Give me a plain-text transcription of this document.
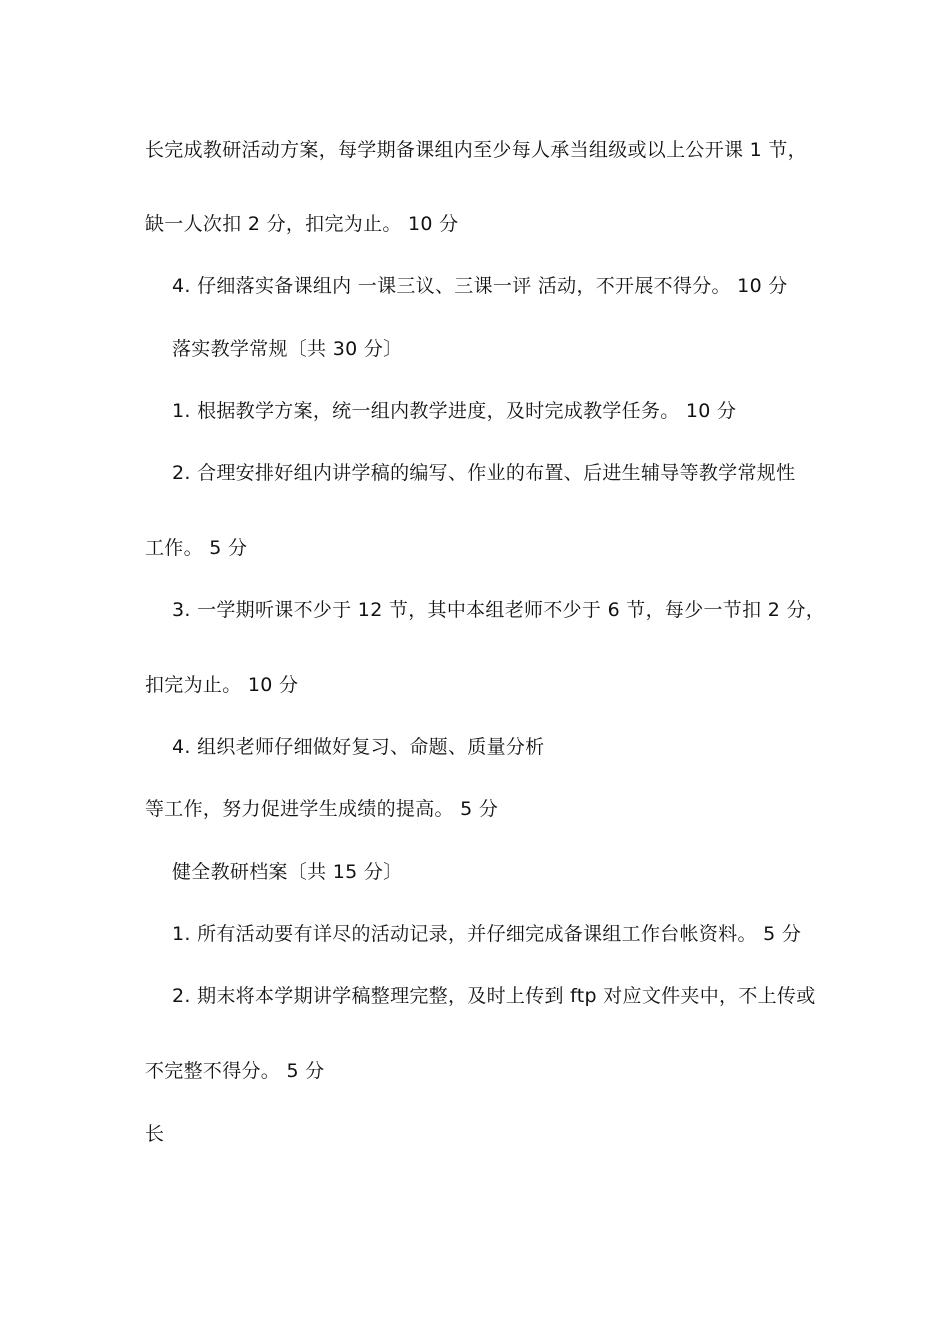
长完成教研活动方案，每学期备课组内至少每人承当组级或以上公开课 1 节，

缺一人次扣 2 分，扣完为止。 10 分

4. 仔细落实备课组内 一课三议、三课一评 活动，不开展不得分。 10 分

落实教学常规〔共 30 分〕

1. 根据教学方案，统一组内教学进度，及时完成教学任务。 10 分

2. 合理安排好组内讲学稿的编写、作业的布置、后进生辅导等教学常规性

工作。 5 分

3. 一学期听课不少于 12 节，其中本组老师不少于 6 节，每少一节扣 2 分，

扣完为止。 10 分

4. 组织老师仔细做好复习、命题、质量分析

等工作，努力促进学生成绩的提高。 5 分

健全教研档案〔共 15 分〕

1. 所有活动要有详尽的活动记录，并仔细完成备课组工作台帐资料。 5 分

2. 期末将本学期讲学稿整理完整，及时上传到 ftp 对应文件夹中，不上传或

不完整不得分。 5 分

长
